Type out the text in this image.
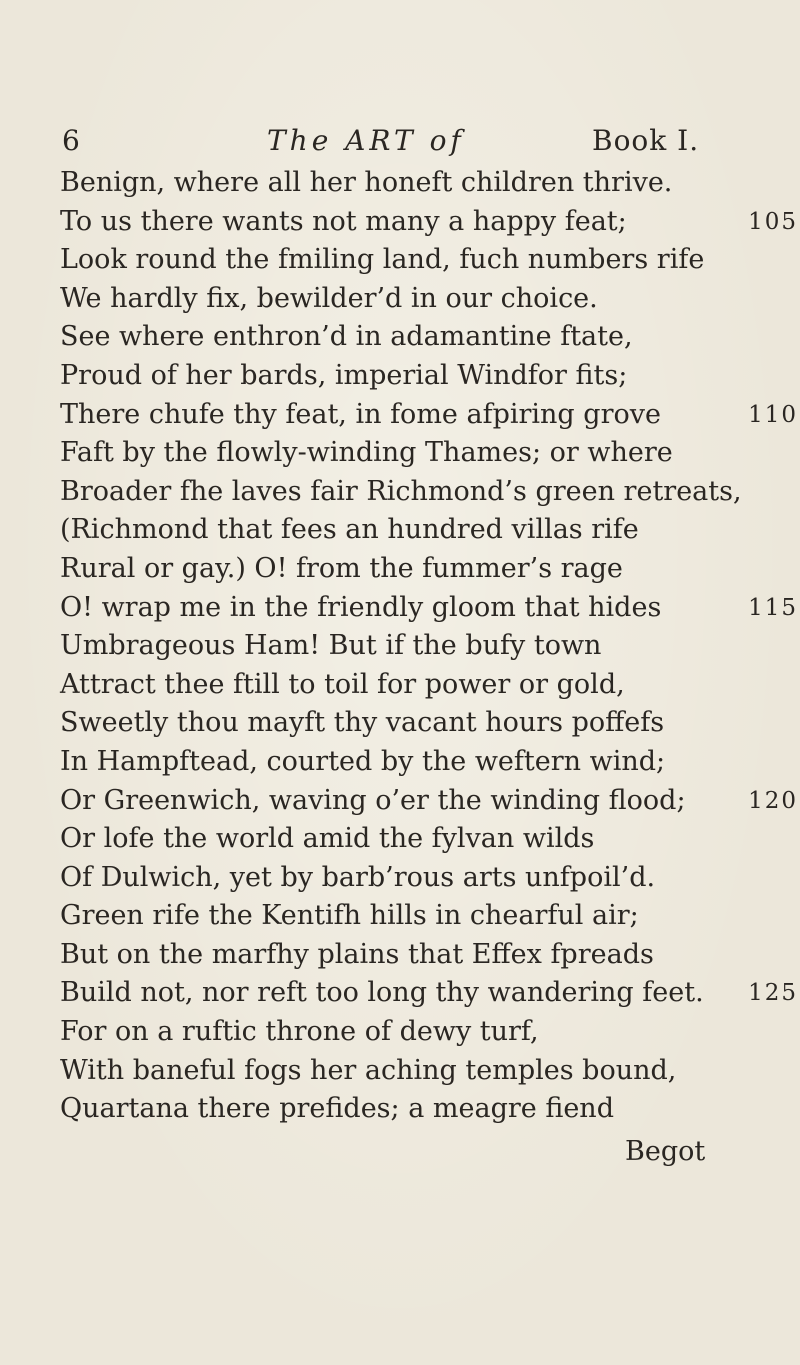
6	The ART of	Book I.
Benign, where all her honeft children thrive.
To us there wants not many a happy feat;	105
Look round the fmiling land, fuch numbers rife
We hardly fix, bewilder’d in our choice.
See where enthron’d in adamantine ftate,
Proud of her bards, imperial Windfor fits;
There chufe thy feat, in fome afpiring grove	110
Faft by the flowly-winding Thames; or where
Broader fhe laves fair Richmond’s green retreats,
(Richmond that fees an hundred villas rife
Rural or gay.) O! from the fummer’s rage
O! wrap me in the friendly gloom that hides	115
Umbrageous Ham! But if the bufy town
Attract thee ftill to toil for power or gold,
Sweetly thou mayft thy vacant hours poffefs
In Hampftead, courted by the weftern wind;
Or Greenwich, waving o’er the winding flood;	120
Or lofe the world amid the fylvan wilds
Of Dulwich, yet by barb’rous arts unfpoil’d.
Green rife the Kentifh hills in chearful air;
But on the marfhy plains that Effex fpreads
Build not, nor reft too long thy wandering feet. 125
For on a ruftic throne of dewy turf,
With baneful fogs her aching temples bound,
Quartana there prefides; a meagre fiend
Begot
